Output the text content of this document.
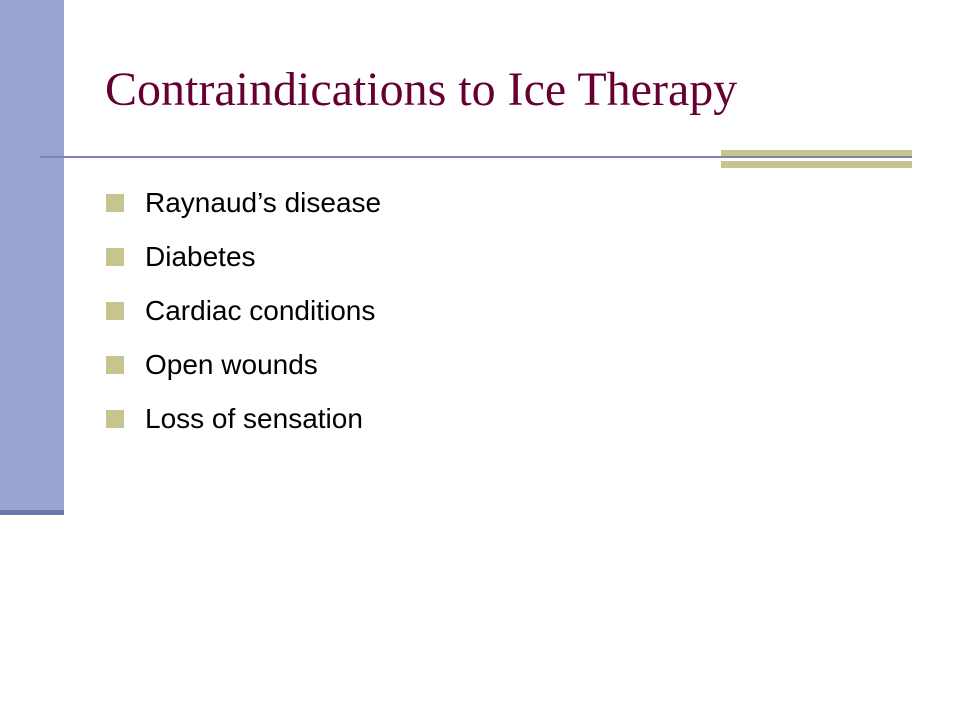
Contraindications to Ice Therapy
Raynaud’s disease
Diabetes
Cardiac conditions
Open wounds
Loss of sensation
